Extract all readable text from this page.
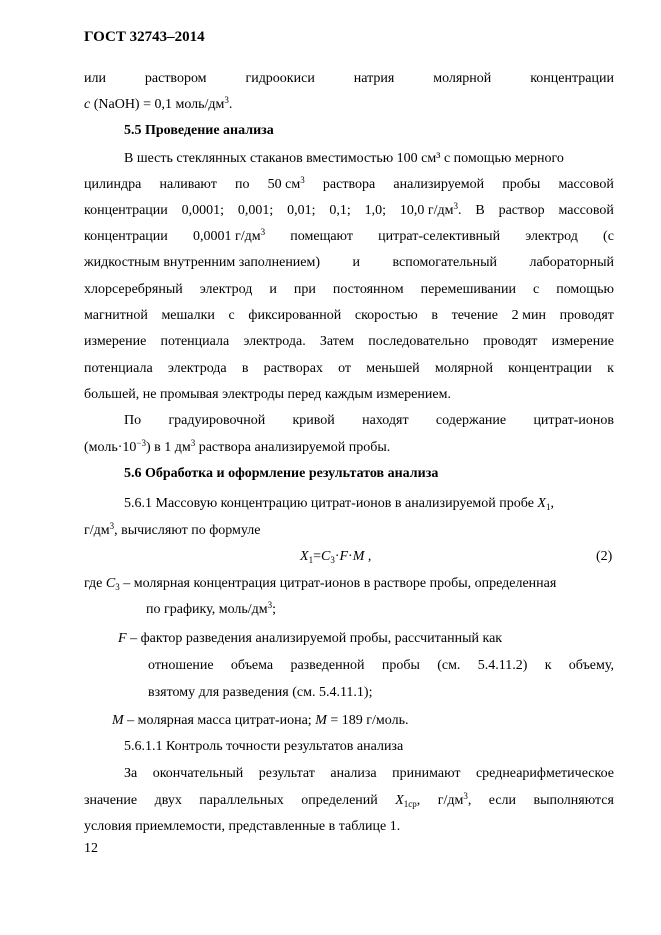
ГОСТ 32743–2014
или	раствором	гидроокиси	натрия	молярной	концентрации
с (NaOH) = 0,1 моль/$дм^3$.
5.5 Проведение анализа
В шесть стеклянных стаканов вместимостью 100 см³ с помощью мерного
цилиндра наливают по 50 $см^3$ раствора анализируемой пробы массовой
концентрации 0,0001; 0,001; 0,01; 0,1; 1,0; 10,0 $г/дм^3$. В раствор массовой
концентрации 0,0001 $г/дм^3$ помещают цитрат-селективный электрод (с
жидкостным внутренним заполнением) и вспомогательный лабораторный
хлорсеребряный электрод и при постоянном перемешивании с помощью
магнитной мешалки с фиксированной скоростью в течение 2 мин проводят
измерение потенциала электрода. Затем последовательно проводят измерение
потенциала электрода в растворах от меньшей молярной концентрации к
большей, не промывая электроды перед каждым измерением.
По градуировочной кривой находят содержание цитрат-ионов
$(моль\cdot 10^{-3})$ в 1 $дм^3$ раствора анализируемой пробы.
5.6 Обработка и оформление результатов анализа
5.6.1 Массовую концентрацию цитрат-ионов в анализируемой пробе $X_1$,
$г/дм^3$, вычисляют по формуле
$X_1=C_3\cdot F\cdot M$ ,	(2)
где $С_3$ – молярная концентрация цитрат-ионов в растворе пробы, определенная
по графику, моль/$дм^3$;
F – фактор разведения анализируемой пробы, рассчитанный как
отношение объема разведенной пробы (см. 5.4.11.2) к объему,
взятому для разведения (см. 5.4.11.1);
M – молярная масса цитрат-иона; M = 189 г/моль.
5.6.1.1 Контроль точности результатов анализа
За окончательный результат анализа принимают среднеарифметическое
значение двух параллельных определений $X_{1ср}$, $г/дм^3$, если выполняются
условия приемлемости, представленные в таблице 1.
12
